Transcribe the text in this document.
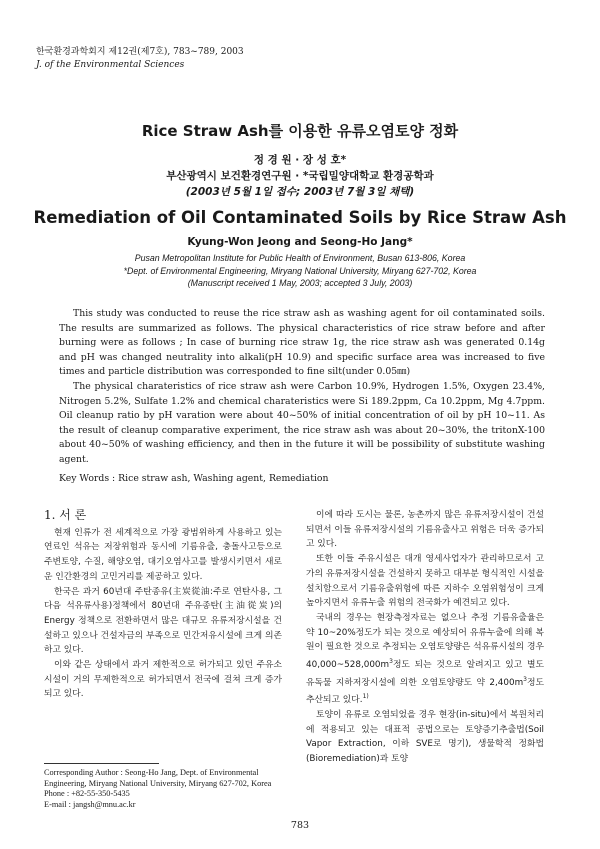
한국환경과학회지 제12권(제7호), 783~789, 2003
J. of the Environmental Sciences
Rice Straw Ash를 이용한 유류오염토양 정화
정 경 원 · 장 성 호*
부산광역시 보건환경연구원 · *국립밀양대학교 환경공학과
(2003년 5월 1일 접수; 2003년 7월 3일 채택)
Remediation of Oil Contaminated Soils by Rice Straw Ash
Kyung-Won Jeong and Seong-Ho Jang*
Pusan Metropolitan Institute for Public Health of Environment, Busan 613-806, Korea
*Dept. of Environmental Engineering, Miryang National University, Miryang 627-702, Korea
(Manuscript received 1 May, 2003; accepted 3 July, 2003)

This study was conducted to reuse the rice straw ash as washing agent for oil contaminated soils. The results are summarized as follows. The physical characteristics of rice straw before and after burning were as follows ; In case of burning rice straw 1g, the rice straw ash was generated 0.14g and pH was changed neutrality into alkali(pH 10.9) and specific surface area was increased to five times and particle distribution was corresponded to fine silt(under 0.05㎜)

The physical charateristics of rice straw ash were Carbon 10.9%, Hydrogen 1.5%, Oxygen 23.4%, Nitrogen 5.2%, Sulfate 1.2% and chemical charateristics were Si 189.2ppm, Ca 10.2ppm, Mg 4.7ppm. Oil cleanup ratio by pH varation were about 40~50% of initial concentration of oil by pH 10~11. As the result of cleanup comparative experiment, the rice straw ash was about 20~30%, the tritonX-100 about 40~50% of washing efficiency, and then in the future it will be possibility of substitute washing agent.

Key Words : Rice straw ash, Washing agent, Remediation

1. 서 론

현재 인류가 전 세계적으로 가장 광범위하게 사용하고 있는 연료인 석유는 저장위험과 동시에 기름유출, 충돌사고등으로 주변토양, 수질, 해양오염, 대기오염사고를 발생시키면서 새로운 인간환경의 고민거리를 제공하고 있다.

한국은 과거 60년대 주탄종유(主炭從油:주로 연탄사용, 그 다음 석유류사용)정책에서 80년대 주유종탄(主油從炭)의 Energy 정책으로 전환하면서 많은 대규모 유류저장시설을 건설하고 있으나 건설자금의 부족으로 민간저유시설에 크게 의존하고 있다.

이와 같은 상태에서 과거 제한적으로 허가되고 있던 주유소 시설이 거의 무제한적으로 허가되면서 전국에 걸쳐 크게 증가되고 있다.

이에 따라 도시는 물론, 농촌까지 많은 유류저장시설이 건설되면서 이들 유류저장시설의 기름유출사고 위험은 더욱 증가되고 있다.

또한 이들 주유시설은 대개 영세사업자가 관리하므로서 고가의 유류저장시설을 건설하지 못하고 대부분 형식적인 시설을 설치함으로서 기름유출위험에 따른 지하수 오염위험성이 크게 높아지면서 유류누출 위험의 전국화가 예견되고 있다.

국내의 경우는 현장측정자료는 없으나 추정 기름유출율은 약 10~20%정도가 되는 것으로 예상되어 유류누출에 의해 복원이 필요한 것으로 추정되는 오염토양량은 석유류시설의 경우 $40,000\sim 528,000m^3$정도 되는 것으로 알려지고 있고 별도 유독물 지하저장시설에 의한 오염토양량도 약 $2,400m^3$정도 추산되고 있다.$^{1)}$

토양이 유류로 오염되었을 경우 현장(in-situ)에서 복원처리에 적용되고 있는 대표적 공법으로는 토양증기추출법(Soil Vapor Extraction, 이하 SVE로 명기), 생물학적 정화법(Bioremediation)과 토양

Corresponding Author : Seong-Ho Jang, Dept. of Environmental Engineering, Miryang National University, Miryang 627-702, Korea
Phone : +82-55-350-5435
E-mail : jangsh@mnu.ac.kr
783
